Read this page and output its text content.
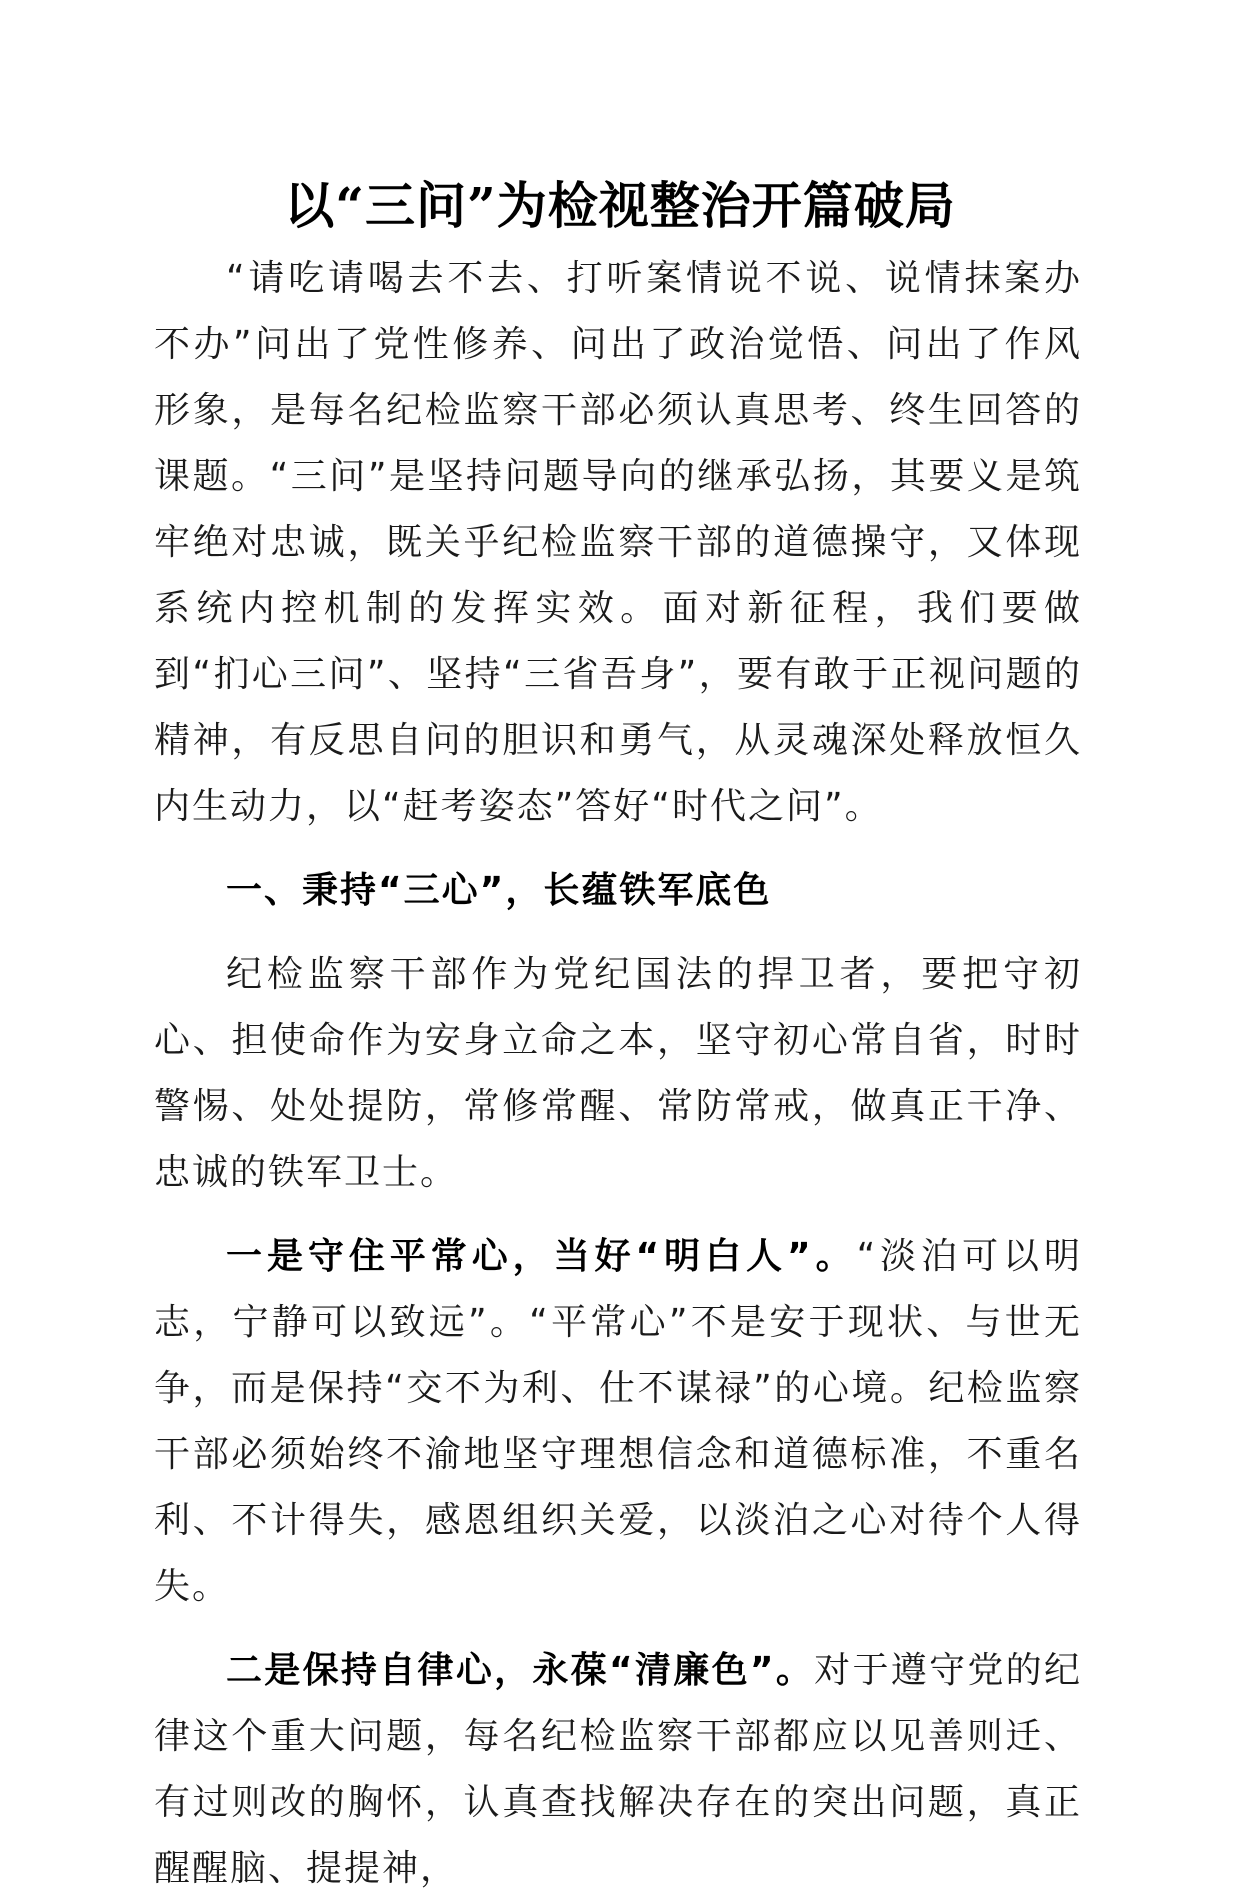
以“三问”为检视整治开篇破局

“请吃请喝去不去、打听案情说不说、说情抹案办不办”问出了党性修养、问出了政治觉悟、问出了作风形象，是每名纪检监察干部必须认真思考、终生回答的课题。“三问”是坚持问题导向的继承弘扬，其要义是筑牢绝对忠诚，既关乎纪检监察干部的道德操守，又体现系统内控机制的发挥实效。面对新征程，我们要做到“扪心三问”、坚持“三省吾身”，要有敢于正视问题的精神，有反思自问的胆识和勇气，从灵魂深处释放恒久内生动力，以“赶考姿态”答好“时代之问”。

一、秉持“三心”，长蕴铁军底色

纪检监察干部作为党纪国法的捍卫者，要把守初心、担使命作为安身立命之本，坚守初心常自省，时时警惕、处处提防，常修常醒、常防常戒，做真正干净、忠诚的铁军卫士。

一是守住平常心，当好“明白人”。“淡泊可以明志，宁静可以致远”。“平常心”不是安于现状、与世无争，而是保持“交不为利、仕不谋禄”的心境。纪检监察干部必须始终不渝地坚守理想信念和道德标准，不重名利、不计得失，感恩组织关爱，以淡泊之心对待个人得失。

二是保持自律心，永葆“清廉色”。对于遵守党的纪律这个重大问题，每名纪检监察干部都应以见善则迁、有过则改的胸怀，认真查找解决存在的突出问题，真正醒醒脑、提提神，
